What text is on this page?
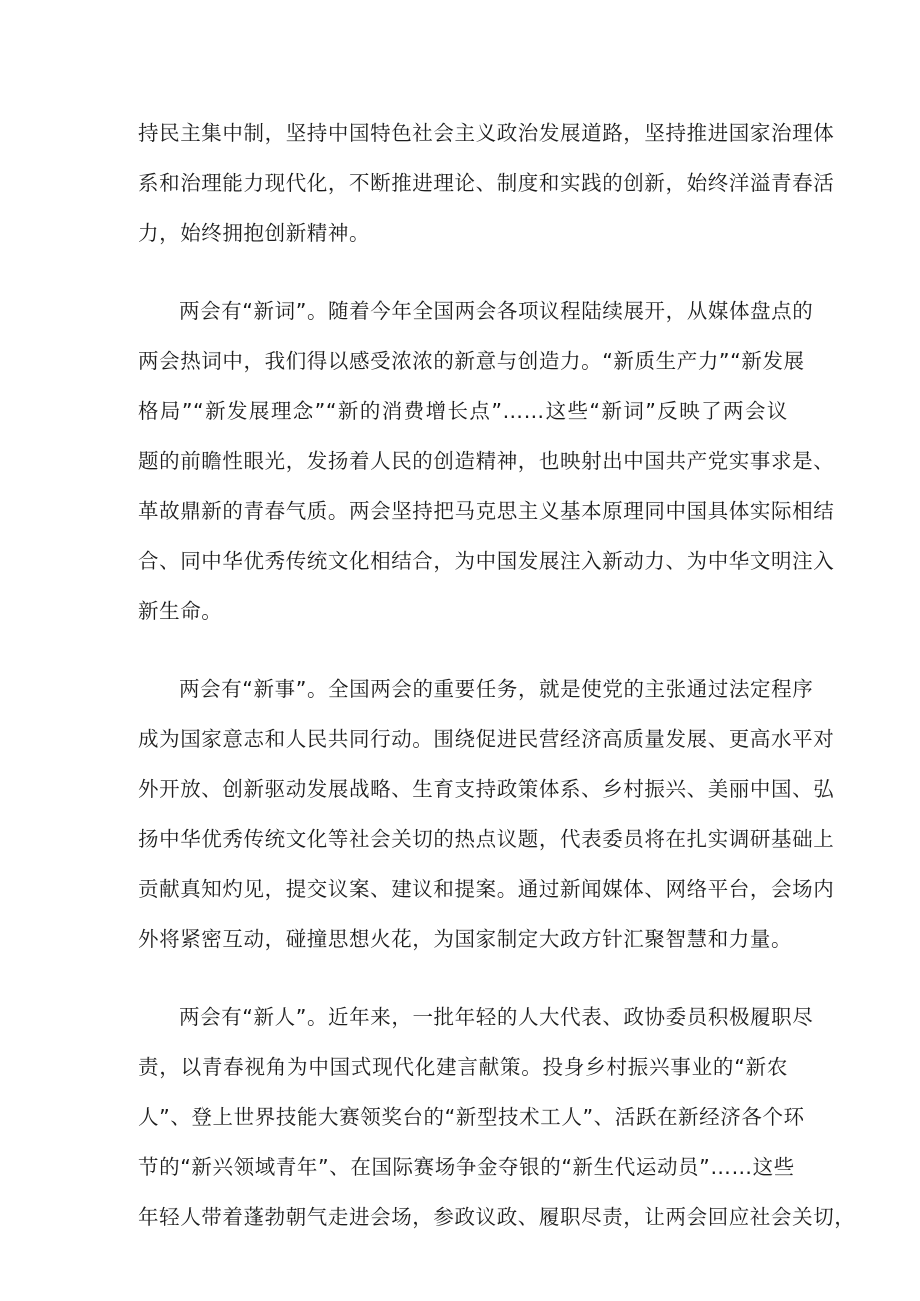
持民主集中制，坚持中国特色社会主义政治发展道路，坚持推进国家治理体
系和治理能力现代化，不断推进理论、制度和实践的创新，始终洋溢青春活
力，始终拥抱创新精神。
两会有“新词”。随着今年全国两会各项议程陆续展开，从媒体盘点的
两会热词中，我们得以感受浓浓的新意与创造力。“新质生产力”“新发展
格局”“新发展理念”“新的消费增长点”……这些“新词”反映了两会议
题的前瞻性眼光，发扬着人民的创造精神，也映射出中国共产党实事求是、
革故鼎新的青春气质。两会坚持把马克思主义基本原理同中国具体实际相结
合、同中华优秀传统文化相结合，为中国发展注入新动力、为中华文明注入
新生命。
两会有“新事”。全国两会的重要任务，就是使党的主张通过法定程序
成为国家意志和人民共同行动。围绕促进民营经济高质量发展、更高水平对
外开放、创新驱动发展战略、生育支持政策体系、乡村振兴、美丽中国、弘
扬中华优秀传统文化等社会关切的热点议题，代表委员将在扎实调研基础上
贡献真知灼见，提交议案、建议和提案。通过新闻媒体、网络平台，会场内
外将紧密互动，碰撞思想火花，为国家制定大政方针汇聚智慧和力量。
两会有“新人”。近年来，一批年轻的人大代表、政协委员积极履职尽
责，以青春视角为中国式现代化建言献策。投身乡村振兴事业的“新农
人”、登上世界技能大赛领奖台的“新型技术工人”、活跃在新经济各个环
节的“新兴领域青年”、在国际赛场争金夺银的“新生代运动员”……这些
年轻人带着蓬勃朝气走进会场，参政议政、履职尽责，让两会回应社会关切，
